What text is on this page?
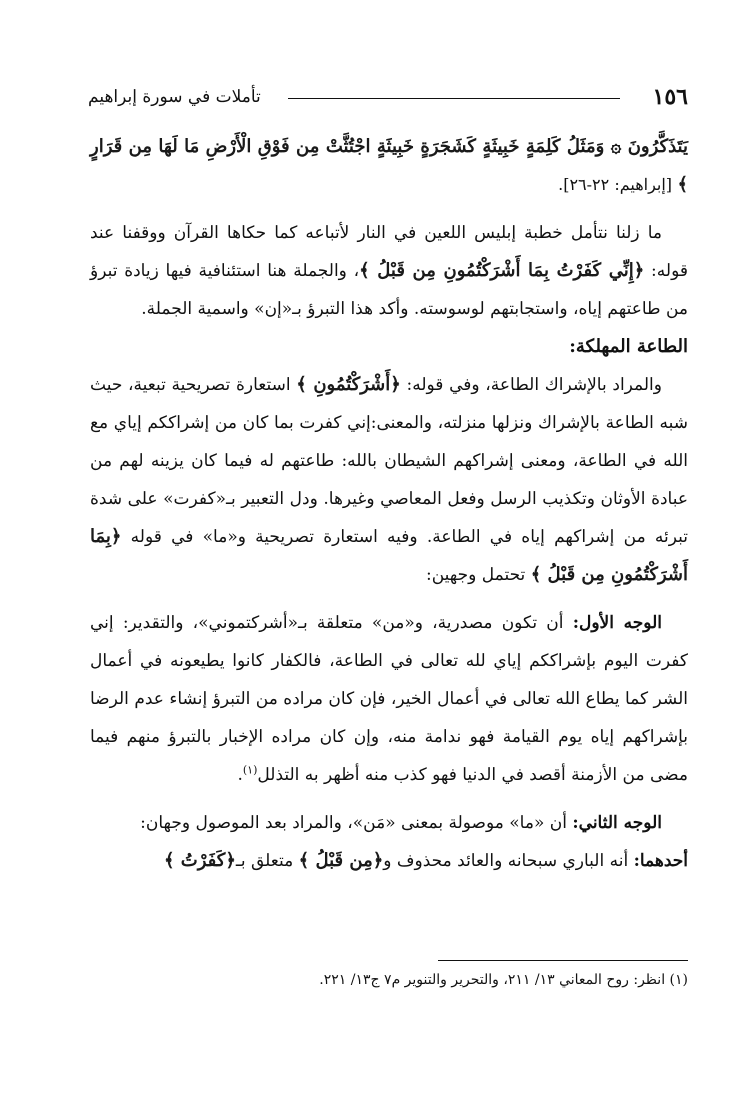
١٥٦
تأملات في سورة إبراهيم

يَتَذَكَّرُونَ ۞ وَمَثَلُ كَلِمَةٍ خَبِيثَةٍ كَشَجَرَةٍ خَبِيثَةٍ اجْتُثَّتْ مِن فَوْقِ الْأَرْضِ مَا لَهَا مِن قَرَارٍ ﴾ [إبراهيم: ٢٢-٢٦].

ما زلنا نتأمل خطبة إبليس اللعين في النار لأتباعه كما حكاها القرآن ووقفنا عند قوله: ﴿إِنِّي كَفَرْتُ بِمَا أَشْرَكْتُمُونِ مِن قَبْلُ ﴾، والجملة هنا استئنافية فيها زيادة تبرؤ من طاعتهم إياه، واستجابتهم لوسوسته. وأكد هذا التبرؤ بـ«إن» واسمية الجملة.

الطاعة المهلكة:

والمراد بالإشراك الطاعة، وفي قوله: ﴿أَشْرَكْتُمُونِ ﴾ استعارة تصريحية تبعية، حيث شبه الطاعة بالإشراك ونزلها منزلته، والمعنى:إني كفرت بما كان من إشراككم إياي مع الله في الطاعة، ومعنى إشراكهم الشيطان بالله: طاعتهم له فيما كان يزينه لهم من عبادة الأوثان وتكذيب الرسل وفعل المعاصي وغيرها. ودل التعبير بـ«كفرت» على شدة تبرئه من إشراكهم إياه في الطاعة. وفيه استعارة تصريحية و«ما» في قوله ﴿بِمَا أَشْرَكْتُمُونِ مِن قَبْلُ ﴾ تحتمل وجهين:

الوجه الأول: أن تكون مصدرية، و«من» متعلقة بـ«أشركتموني»، والتقدير: إني كفرت اليوم بإشراككم إياي لله تعالى في الطاعة، فالكفار كانوا يطيعونه في أعمال الشر كما يطاع الله تعالى في أعمال الخير، فإن كان مراده من التبرؤ إنشاء عدم الرضا بإشراكهم إياه يوم القيامة فهو ندامة منه، وإن كان مراده الإخبار بالتبرؤ منهم فيما مضى من الأزمنة أقصد في الدنيا فهو كذب منه أظهر به التذلل$^{(١)}$.

الوجه الثاني: أن «ما» موصولة بمعنى «مَن»، والمراد بعد الموصول وجهان:
أحدهما: أنه الباري سبحانه والعائد محذوف و﴿مِن قَبْلُ ﴾ متعلق بـ﴿كَفَرْتُ ﴾

(١) انظر: روح المعاني ١٣/ ٢١١، والتحرير والتنوير م٧ ج١٣/ ٢٢١.
